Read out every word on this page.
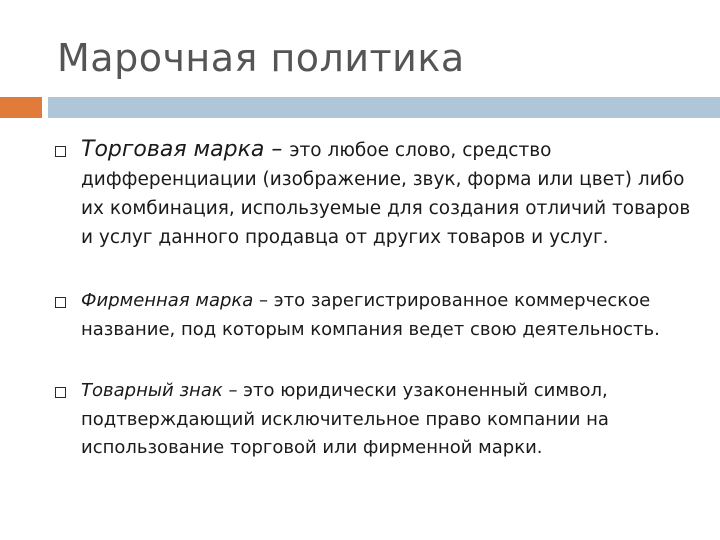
Марочная политика

Торговая марка – это любое слово, средство дифференциации (изображение, звук, форма или цвет) либо их комбинация, используемые для создания отличий товаров и услуг данного продавца от других товаров и услуг.

Фирменная марка – это зарегистрированное коммерческое название, под которым компания ведет свою деятельность.

Товарный знак – это юридически узаконенный символ, подтверждающий исключительное право компании на использование торговой или фирменной марки.
